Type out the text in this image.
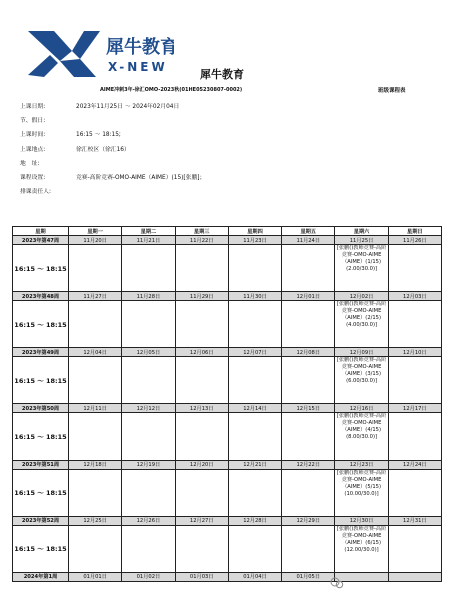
犀牛教育
X-NEW
犀牛教育
AIME冲刺3年-徐汇OMO-2023秋(01HE05230807-0002)	班级课程表
上课日期:	2023年11月25日 ～ 2024年02月04日
节、假日:
上课时间:	16:15 ～ 18:15;
上课地点:	徐汇校区（徐汇16）
地　址:
课程设置:	竞赛-高阶竞赛-OMO-AIME（AIME）(15)[张鹏]；
排课责任人:
星期	星期一	星期二	星期三	星期四	星期五	星期六	星期日
2023年第47周	11月20日	11月21日	11月22日	11月23日	11月24日	11月25日	11月26日
16:15 ～ 18:15						[张鹏()教师竞赛-高阶竞赛-OMO-AIME（AIME）(1/15)(2.00/30.0)]	
2023年第48周	11月27日	11月28日	11月29日	11月30日	12月01日	12月02日	12月03日
16:15 ～ 18:15						[张鹏()教师竞赛-高阶竞赛-OMO-AIME（AIME）(2/15)(4.00/30.0)]	
2023年第49周	12月04日	12月05日	12月06日	12月07日	12月08日	12月09日	12月10日
16:15 ～ 18:15						[张鹏()教师竞赛-高阶竞赛-OMO-AIME（AIME）(3/15)(6.00/30.0)]	
2023年第50周	12月11日	12月12日	12月13日	12月14日	12月15日	12月16日	12月17日
16:15 ～ 18:15						[张鹏()教师竞赛-高阶竞赛-OMO-AIME（AIME）(4/15)(8.00/30.0)]	
2023年第51周	12月18日	12月19日	12月20日	12月21日	12月22日	12月23日	12月24日
16:15 ～ 18:15						[张鹏()教师竞赛-高阶竞赛-OMO-AIME（AIME）(5/15)(10.00/30.0)]	
2023年第52周	12月25日	12月26日	12月27日	12月28日	12月29日	12月30日	12月31日
16:15 ～ 18:15						[张鹏()教师竞赛-高阶竞赛-OMO-AIME（AIME）(6/15)(12.00/30.0)]	
2024年第1周	01月01日	01月02日	01月03日	01月04日	01月05日		
